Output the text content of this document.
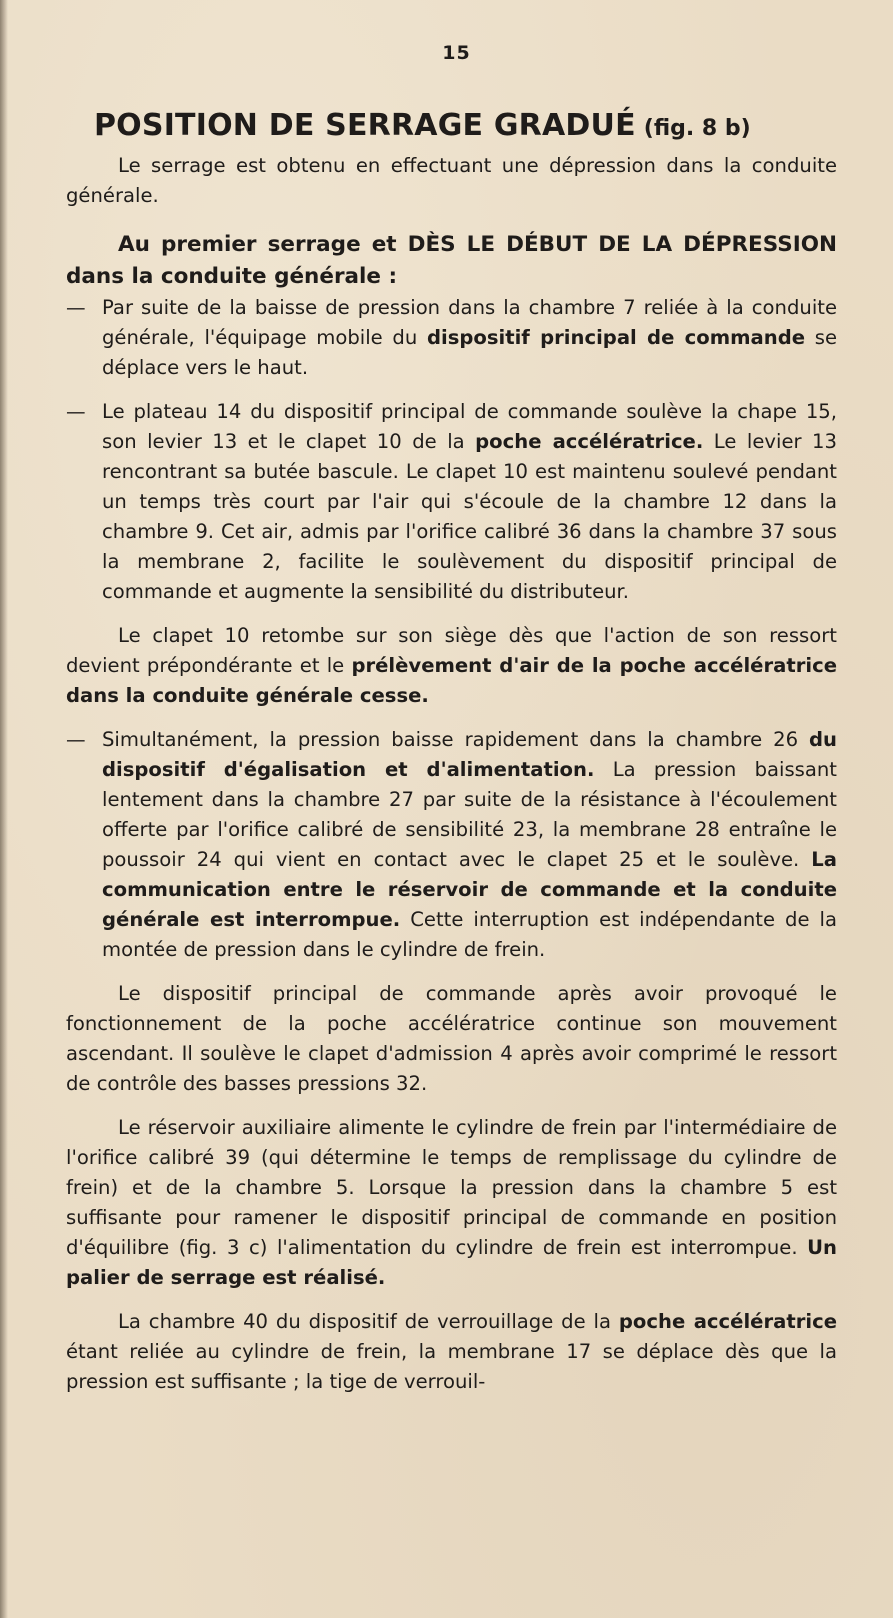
15
POSITION DE SERRAGE GRADUÉ (fig. 8 b)

Le serrage est obtenu en effectuant une dépression dans la conduite générale.

Au premier serrage et DÈS LE DÉBUT DE LA DÉPRESSION dans la conduite générale :

— Par suite de la baisse de pression dans la chambre 7 reliée à la conduite générale, l'équipage mobile du dispositif principal de commande se déplace vers le haut.
— Le plateau 14 du dispositif principal de commande soulève la chape 15, son levier 13 et le clapet 10 de la poche accélératrice. Le levier 13 rencontrant sa butée bascule. Le clapet 10 est maintenu soulevé pendant un temps très court par l'air qui s'écoule de la chambre 12 dans la chambre 9. Cet air, admis par l'orifice calibré 36 dans la chambre 37 sous la membrane 2, facilite le soulèvement du dispositif principal de commande et augmente la sensibilité du distributeur.

Le clapet 10 retombe sur son siège dès que l'action de son ressort devient prépondérante et le prélèvement d'air de la poche accélératrice dans la conduite générale cesse.

— Simultanément, la pression baisse rapidement dans la chambre 26 du dispositif d'égalisation et d'alimentation. La pression baissant lentement dans la chambre 27 par suite de la résistance à l'écoulement offerte par l'orifice calibré de sensibilité 23, la membrane 28 entraîne le poussoir 24 qui vient en contact avec le clapet 25 et le soulève. La communication entre le réservoir de commande et la conduite générale est interrompue. Cette interruption est indépendante de la montée de pression dans le cylindre de frein.

Le dispositif principal de commande après avoir provoqué le fonctionnement de la poche accélératrice continue son mouvement ascendant. Il soulève le clapet d'admission 4 après avoir comprimé le ressort de contrôle des basses pressions 32.

Le réservoir auxiliaire alimente le cylindre de frein par l'intermédiaire de l'orifice calibré 39 (qui détermine le temps de remplissage du cylindre de frein) et de la chambre 5. Lorsque la pression dans la chambre 5 est suffisante pour ramener le dispositif principal de commande en position d'équilibre (fig. 3 c) l'alimentation du cylindre de frein est interrompue. Un palier de serrage est réalisé.

La chambre 40 du dispositif de verrouillage de la poche accélératrice étant reliée au cylindre de frein, la membrane 17 se déplace dès que la pression est suffisante ; la tige de verrouil-
